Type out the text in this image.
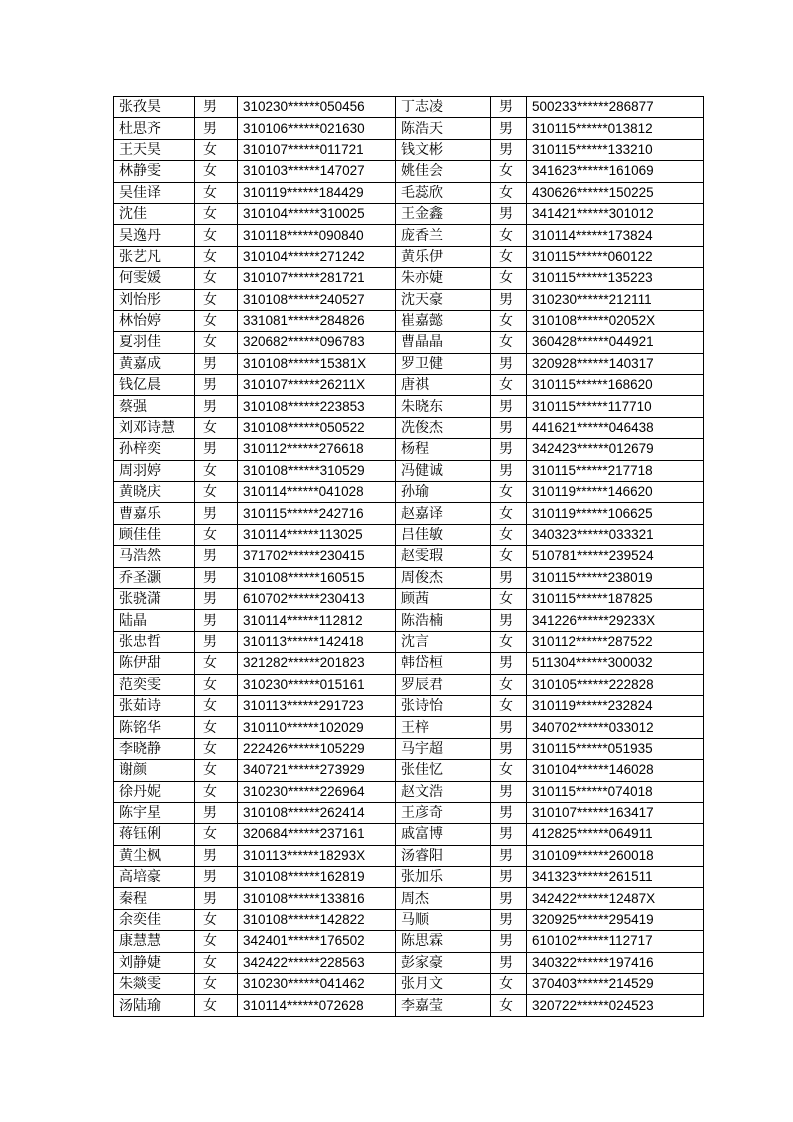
张孜昊	男	310230******050456	丁志凌	男	500233******286877
杜思齐	男	310106******021630	陈浩天	男	310115******013812
王天昊	女	310107******011721	钱文彬	男	310115******133210
林静雯	女	310103******147027	姚佳会	女	341623******161069
吴佳译	女	310119******184429	毛蕊欣	女	430626******150225
沈佳	女	310104******310025	王金鑫	男	341421******301012
吴逸丹	女	310118******090840	庞香兰	女	310114******173824
张艺凡	女	310104******271242	黄乐伊	女	310115******060122
何雯媛	女	310107******281721	朱亦婕	女	310115******135223
刘怡彤	女	310108******240527	沈天豪	男	310230******212111
林怡婷	女	331081******284826	崔嘉懿	女	310108******02052X
夏羽佳	女	320682******096783	曹晶晶	女	360428******044921
黄嘉成	男	310108******15381X	罗卫健	男	320928******140317
钱亿晨	男	310107******26211X	唐祺	女	310115******168620
蔡强	男	310108******223853	朱晓东	男	310115******117710
刘邓诗慧	女	310108******050522	冼俊杰	男	441621******046438
孙梓奕	男	310112******276618	杨程	男	342423******012679
周羽婷	女	310108******310529	冯健诚	男	310115******217718
黄晓庆	女	310114******041028	孙瑜	女	310119******146620
曹嘉乐	男	310115******242716	赵嘉译	女	310119******106625
顾佳佳	女	310114******113025	吕佳敏	女	340323******033321
马浩然	男	371702******230415	赵雯瑕	女	510781******239524
乔圣灏	男	310108******160515	周俊杰	男	310115******238019
张骁潇	男	610702******230413	顾茜	女	310115******187825
陆晶	男	310114******112812	陈浩楠	男	341226******29233X
张忠哲	男	310113******142418	沈言	女	310112******287522
陈伊甜	女	321282******201823	韩岱桓	男	511304******300032
范奕雯	女	310230******015161	罗辰君	女	310105******222828
张茹诗	女	310113******291723	张诗怡	女	310119******232824
陈铭华	女	310110******102029	王梓	男	340702******033012
李晓静	女	222426******105229	马宇超	男	310115******051935
谢颜	女	340721******273929	张佳忆	女	310104******146028
徐丹妮	女	310230******226964	赵文浩	男	310115******074018
陈宇星	男	310108******262414	王彦奇	男	310107******163417
蒋钰俐	女	320684******237161	戚富博	男	412825******064911
黄尘枫	男	310113******18293X	汤睿阳	男	310109******260018
高培豪	男	310108******162819	张加乐	男	341323******261511
秦程	男	310108******133816	周杰	男	342422******12487X
余奕佳	女	310108******142822	马顺	男	320925******295419
康慧慧	女	342401******176502	陈思霖	男	610102******112717
刘静婕	女	342422******228563	彭家豪	男	340322******197416
朱燚雯	女	310230******041462	张月文	女	370403******214529
汤陆瑜	女	310114******072628	李嘉莹	女	320722******024523
